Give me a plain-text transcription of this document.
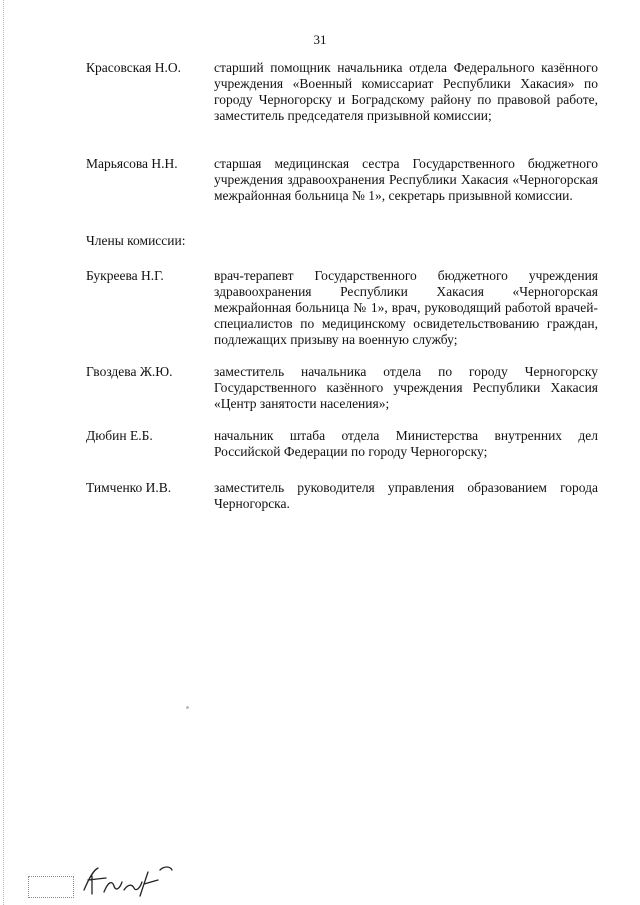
31
Красовская Н.О. старший помощник начальника отдела Федерального казённого учреждения «Военный комиссариат Республики Хакасия» по городу Черногорску и Боградскому району по правовой работе, заместитель председателя призывной комиссии;
Марьясова Н.Н.	старшая медицинская сестра Государственного бюджетного учреждения здравоохранения Республики Хакасия «Черногорская межрайонная больница № 1», секретарь призывной комиссии.
Члены комиссии:
Букреева Н.Г.	врач-терапевт Государственного бюджетного учреждения здравоохранения Республики Хакасия «Черногорская межрайонная больница № 1», врач, руководящий работой врачей-специалистов по медицинскому освидетельствованию граждан, подлежащих призыву на военную службу;
Гвоздева Ж.Ю.	заместитель начальника отдела по городу Черногорску Государственного казённого учреждения Республики Хакасия «Центр занятости населения»;
Дюбин Е.Б.	начальник штаба отдела Министерства внутренних дел Российской Федерации по городу Черногорску;
Тимченко И.В.	заместитель руководителя управления образованием города Черногорска.
